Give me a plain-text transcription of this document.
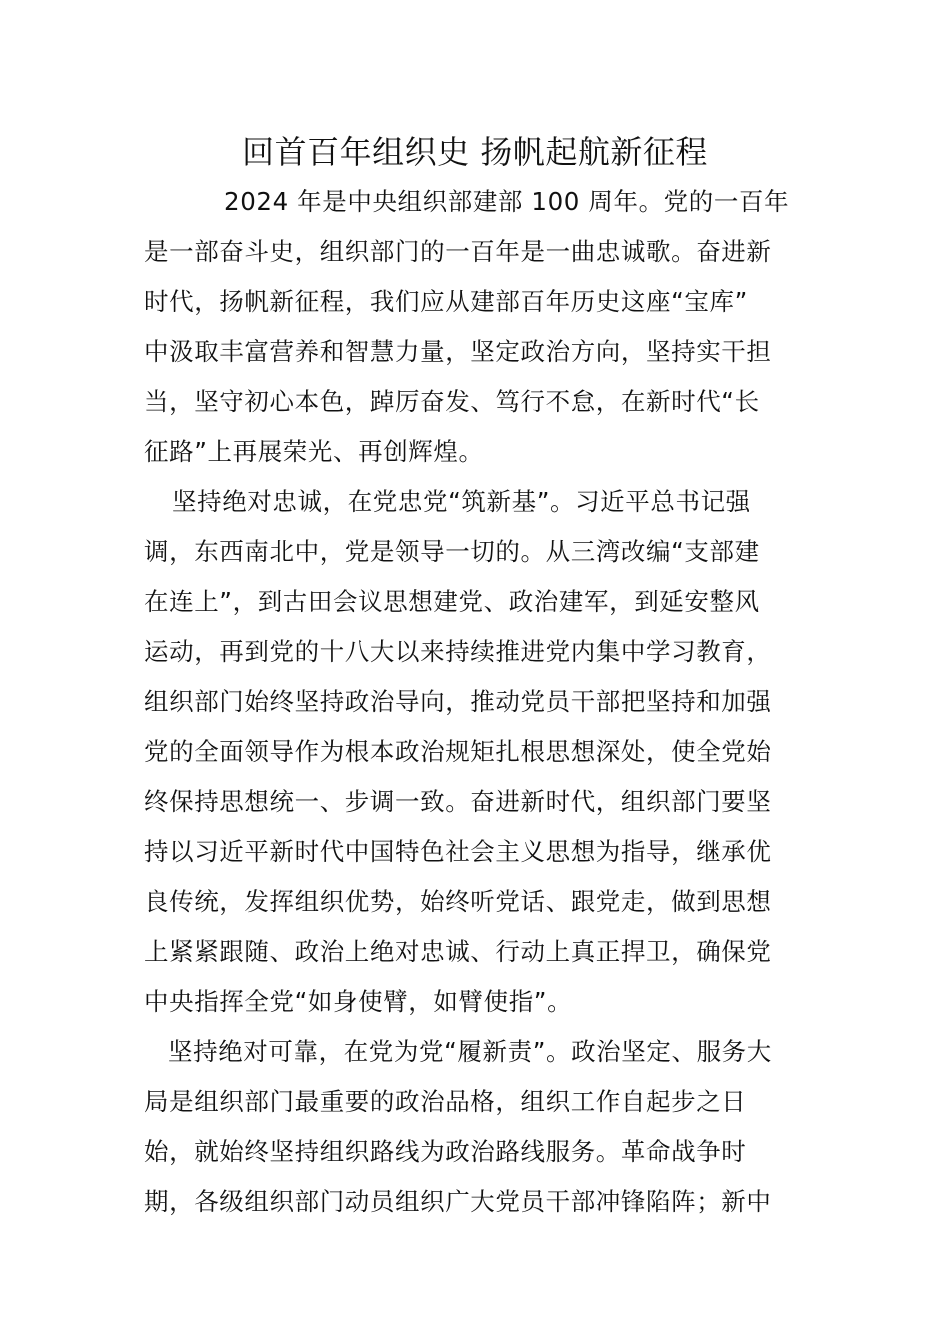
回首百年组织史 扬帆起航新征程
2024 年是中央组织部建部 100 周年。党的一百年
是一部奋斗史，组织部门的一百年是一曲忠诚歌。奋进新
时代，扬帆新征程，我们应从建部百年历史这座“宝库”
中汲取丰富营养和智慧力量，坚定政治方向，坚持实干担
当，坚守初心本色，踔厉奋发、笃行不怠，在新时代“长
征路”上再展荣光、再创辉煌。
坚持绝对忠诚，在党忠党“筑新基”。习近平总书记强
调，东西南北中，党是领导一切的。从三湾改编“支部建
在连上”，到古田会议思想建党、政治建军，到延安整风
运动，再到党的十八大以来持续推进党内集中学习教育，
组织部门始终坚持政治导向，推动党员干部把坚持和加强
党的全面领导作为根本政治规矩扎根思想深处，使全党始
终保持思想统一、步调一致。奋进新时代，组织部门要坚
持以习近平新时代中国特色社会主义思想为指导，继承优
良传统，发挥组织优势，始终听党话、跟党走，做到思想
上紧紧跟随、政治上绝对忠诚、行动上真正捍卫，确保党
中央指挥全党“如身使臂，如臂使指”。
坚持绝对可靠，在党为党“履新责”。政治坚定、服务大
局是组织部门最重要的政治品格，组织工作自起步之日
始，就始终坚持组织路线为政治路线服务。革命战争时
期，各级组织部门动员组织广大党员干部冲锋陷阵；新中
